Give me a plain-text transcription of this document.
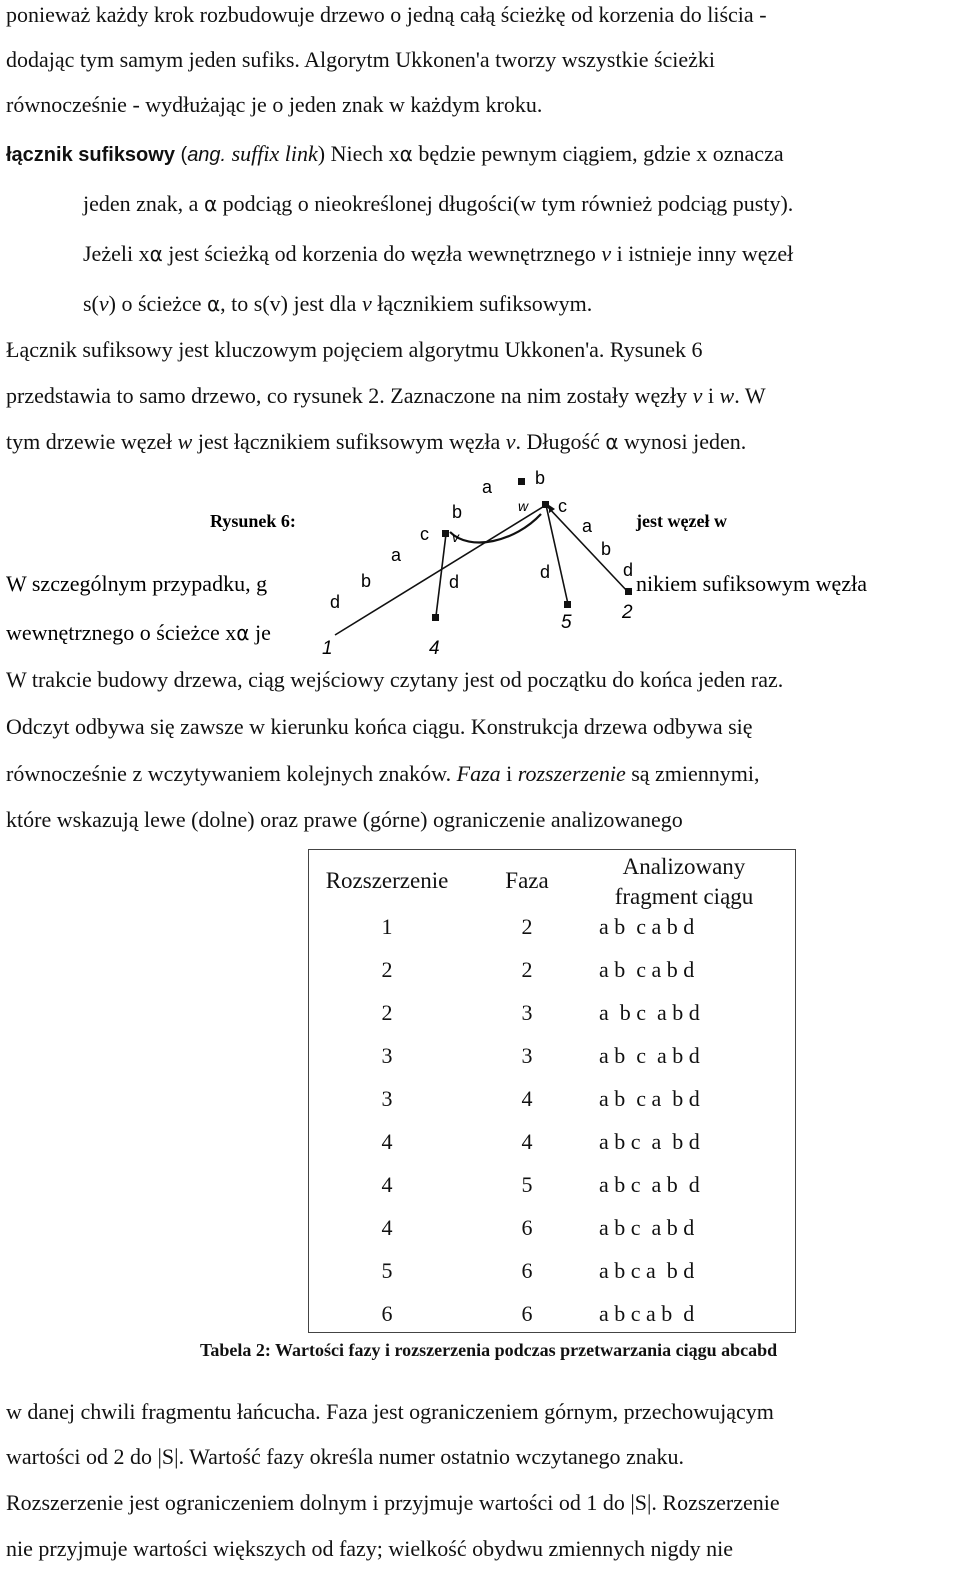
ponieważ każdy krok rozbudowuje drzewo o jedną całą ścieżkę od korzenia do liścia -
dodając tym samym jeden sufiks. Algorytm Ukkonen'a tworzy wszystkie ścieżki
równocześnie - wydłużając je o jeden znak w każdym kroku.
łącznik sufiksowy (ang. suffix link) Niech xα będzie pewnym ciągiem, gdzie x oznacza
jeden znak, a α podciąg o nieokreślonej długości(w tym również podciąg pusty).
Jeżeli xα jest ścieżką od korzenia do węzła wewnętrznego v i istnieje inny węzeł
s(v) o ścieżce α, to s(v) jest dla v łącznikiem sufiksowym.
Łącznik sufiksowy jest kluczowym pojęciem algorytmu Ukkonen'a. Rysunek 6
przedstawia to samo drzewo, co rysunek 2. Zaznaczone na nim zostały węzły v i w. W
tym drzewie węzeł w jest łącznikiem sufiksowym węzła v. Długość α wynosi jeden.
Rysunek 6:	jest węzeł w
W szczególnym przypadku, g	nikiem sufiksowym węzła
wewnętrznego o ścieżce xα je
a b
w c
b
c v
a
a	b
d	d
b	d
d
1	4
5	2
W trakcie budowy drzewa, ciąg wejściowy czytany jest od początku do końca jeden raz.
Odczyt odbywa się zawsze w kierunku końca ciągu. Konstrukcja drzewa odbywa się
równocześnie z wczytywaniem kolejnych znaków. Faza i rozszerzenie są zmiennymi,
które wskazują lewe (dolne) oraz prawe (górne) ograniczenie analizowanego
Rozszerzenie	Faza
Analizowany
fragment ciągu
1	2	a b  c a b d
2	2	a b  c a b d
2	3	a  b c  a b d
3	3	a b  c  a b d
3	4	a b  c a  b d
4	4	a b c  a  b d
4	5	a b c  a b  d
4	6	a b c  a b d
5	6	a b c a  b d
6	6	a b c a b  d
Tabela 2: Wartości fazy i rozszerzenia podczas przetwarzania ciągu abcabd
w danej chwili fragmentu łańcucha. Faza jest ograniczeniem górnym, przechowującym
wartości od 2 do |S|. Wartość fazy określa numer ostatnio wczytanego znaku.
Rozszerzenie jest ograniczeniem dolnym i przyjmuje wartości od 1 do |S|. Rozszerzenie
nie przyjmuje wartości większych od fazy; wielkość obydwu zmiennych nigdy nie
